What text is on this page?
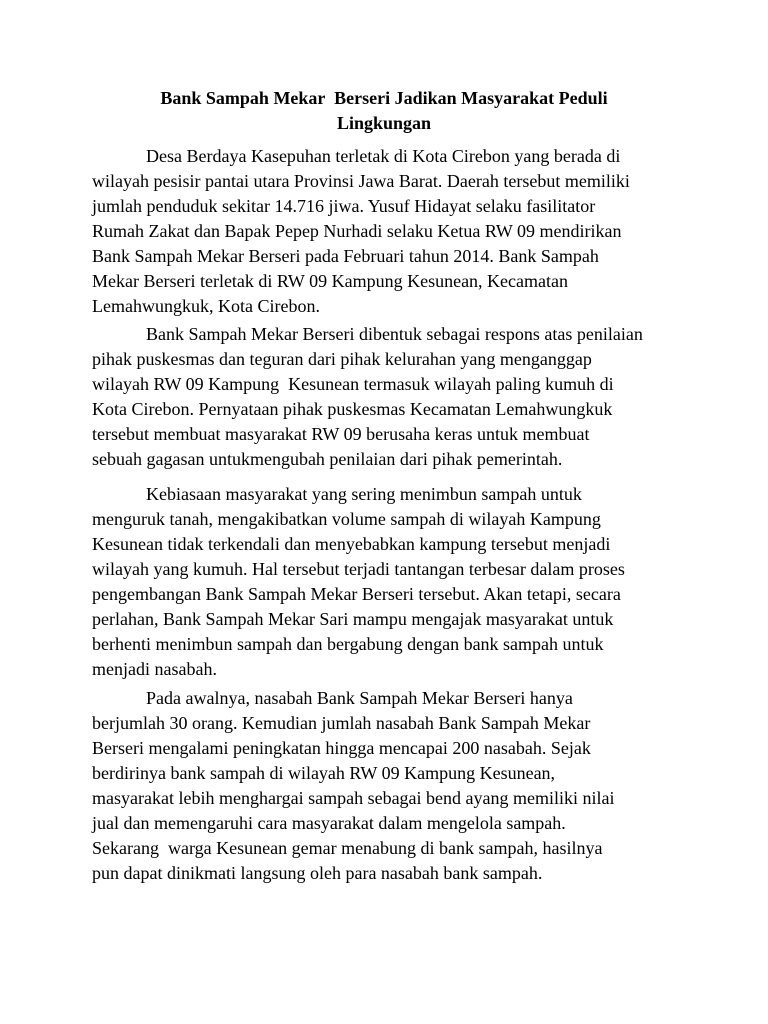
Bank Sampah Mekar  Berseri Jadikan Masyarakat Peduli
Lingkungan

Desa Berdaya Kasepuhan terletak di Kota Cirebon yang berada di
wilayah pesisir pantai utara Provinsi Jawa Barat. Daerah tersebut memiliki
jumlah penduduk sekitar 14.716 jiwa. Yusuf Hidayat selaku fasilitator
Rumah Zakat dan Bapak Pepep Nurhadi selaku Ketua RW 09 mendirikan
Bank Sampah Mekar Berseri pada Februari tahun 2014. Bank Sampah
Mekar Berseri terletak di RW 09 Kampung Kesunean, Kecamatan
Lemahwungkuk, Kota Cirebon.

Bank Sampah Mekar Berseri dibentuk sebagai respons atas penilaian
pihak puskesmas dan teguran dari pihak kelurahan yang menganggap
wilayah RW 09 Kampung  Kesunean termasuk wilayah paling kumuh di
Kota Cirebon. Pernyataan pihak puskesmas Kecamatan Lemahwungkuk
tersebut membuat masyarakat RW 09 berusaha keras untuk membuat
sebuah gagasan untukmengubah penilaian dari pihak pemerintah.

Kebiasaan masyarakat yang sering menimbun sampah untuk
menguruk tanah, mengakibatkan volume sampah di wilayah Kampung
Kesunean tidak terkendali dan menyebabkan kampung tersebut menjadi
wilayah yang kumuh. Hal tersebut terjadi tantangan terbesar dalam proses
pengembangan Bank Sampah Mekar Berseri tersebut. Akan tetapi, secara
perlahan, Bank Sampah Mekar Sari mampu mengajak masyarakat untuk
berhenti menimbun sampah dan bergabung dengan bank sampah untuk
menjadi nasabah.

Pada awalnya, nasabah Bank Sampah Mekar Berseri hanya
berjumlah 30 orang. Kemudian jumlah nasabah Bank Sampah Mekar
Berseri mengalami peningkatan hingga mencapai 200 nasabah. Sejak
berdirinya bank sampah di wilayah RW 09 Kampung Kesunean,
masyarakat lebih menghargai sampah sebagai bend ayang memiliki nilai
jual dan memengaruhi cara masyarakat dalam mengelola sampah.
Sekarang  warga Kesunean gemar menabung di bank sampah, hasilnya
pun dapat dinikmati langsung oleh para nasabah bank sampah.
